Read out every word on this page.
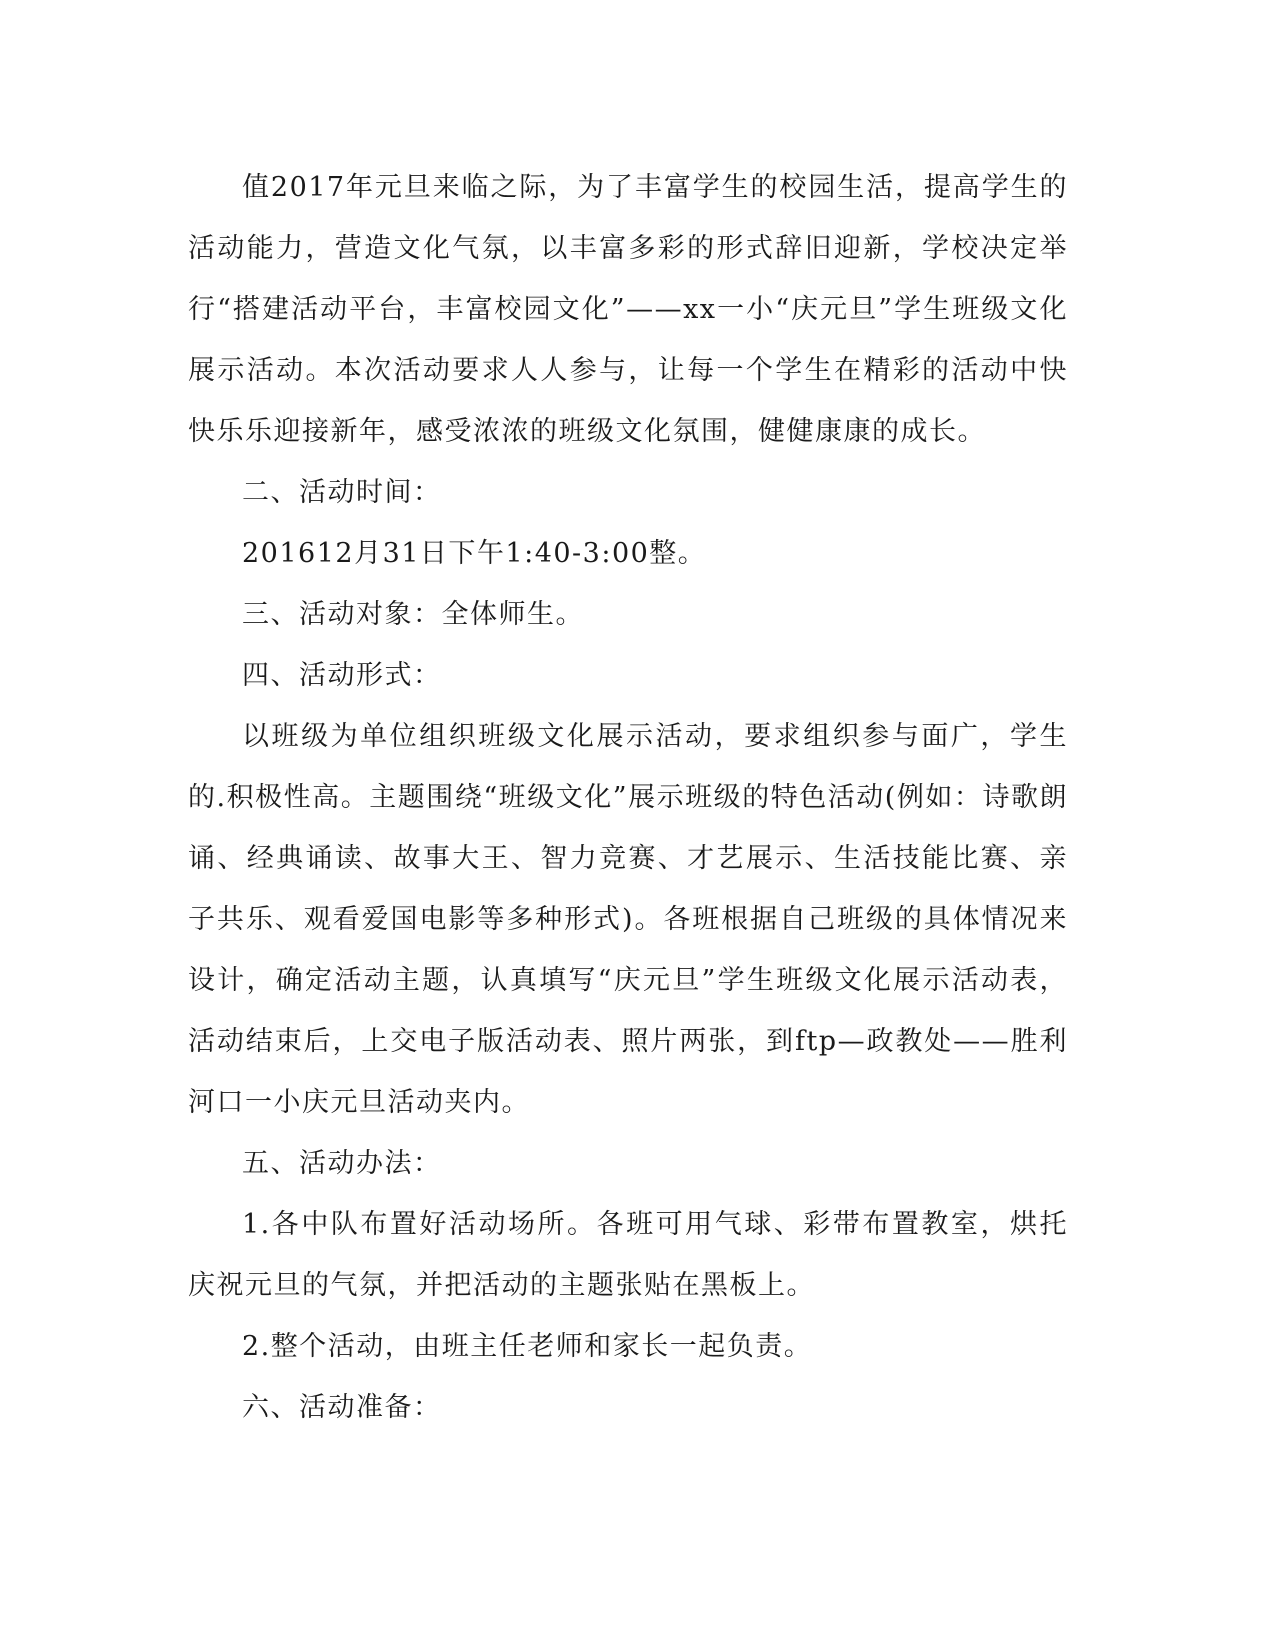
值2017年元旦来临之际，为了丰富学生的校园生活，提高学生的活动能力，营造文化气氛，以丰富多彩的形式辞旧迎新，学校决定举行“搭建活动平台，丰富校园文化”——xx一小“庆元旦”学生班级文化展示活动。本次活动要求人人参与，让每一个学生在精彩的活动中快快乐乐迎接新年，感受浓浓的班级文化氛围，健健康康的成长。

二、活动时间：

201612月31日下午1:40-3:00整。

三、活动对象：全体师生。

四、活动形式：

以班级为单位组织班级文化展示活动，要求组织参与面广，学生的.积极性高。主题围绕“班级文化”展示班级的特色活动(例如：诗歌朗诵、经典诵读、故事大王、智力竞赛、才艺展示、生活技能比赛、亲子共乐、观看爱国电影等多种形式)。各班根据自己班级的具体情况来设计，确定活动主题，认真填写“庆元旦”学生班级文化展示活动表，活动结束后，上交电子版活动表、照片两张，到ftp—政教处——胜利河口一小庆元旦活动夹内。

五、活动办法：

1.各中队布置好活动场所。各班可用气球、彩带布置教室，烘托庆祝元旦的气氛，并把活动的主题张贴在黑板上。

2.整个活动，由班主任老师和家长一起负责。

六、活动准备：
